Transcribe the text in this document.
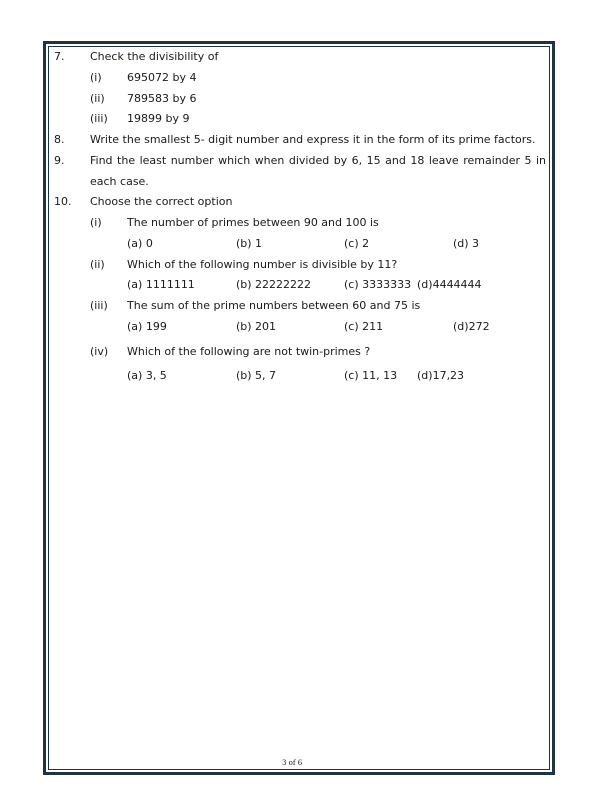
7. Check the divisibility of
(i) 695072 by 4
(ii) 789583 by 6
(iii) 19899 by 9
8. Write the smallest 5- digit number and express it in the form of its prime factors.
9. Find the least number which when divided by 6, 15 and 18 leave remainder 5 in
each case.
10. Choose the correct option
(i) The number of primes between 90 and 100 is
(a) 0	(b) 1	(c) 2	(d) 3
(ii) Which of the following number is divisible by 11?
(a) 1111111	(b) 22222222	(c) 3333333 (d)4444444
(iii) The sum of the prime numbers between 60 and 75 is
(a) 199	(b) 201	(c) 211	(d)272
(iv) Which of the following are not twin-primes ?
(a) 3, 5	(b) 5, 7	(c) 11, 13 (d)17,23
3 of 6
